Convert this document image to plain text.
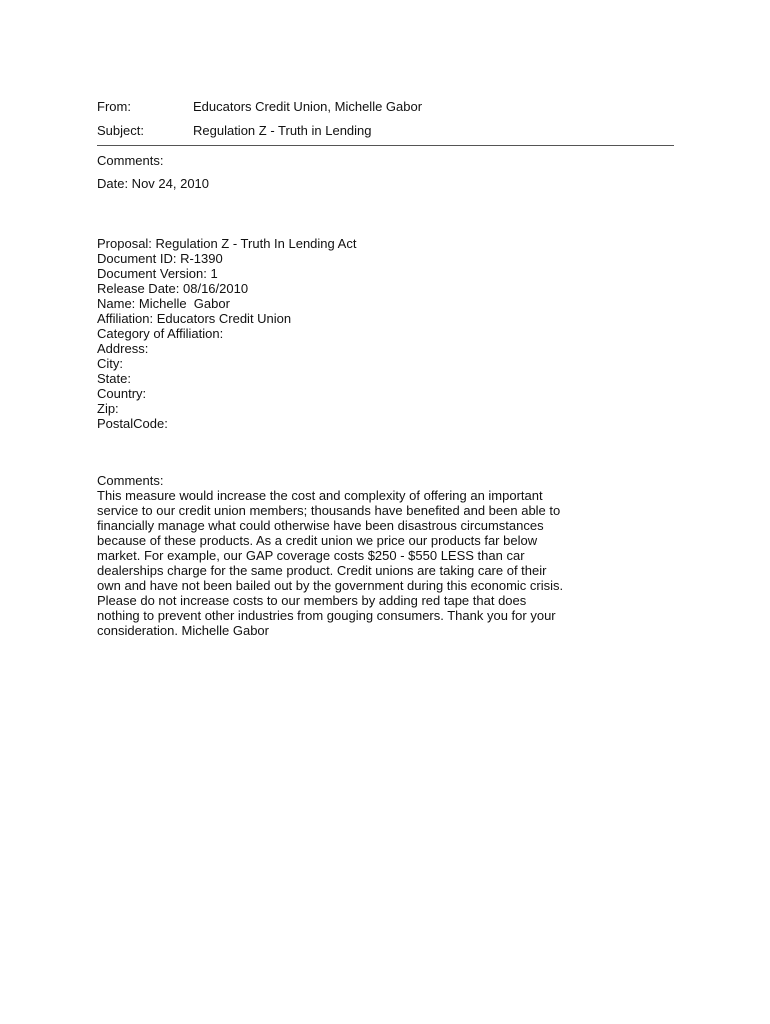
From:	Educators Credit Union, Michelle Gabor
Subject:	Regulation Z - Truth in Lending
Comments:
Date: Nov 24, 2010
Proposal: Regulation Z - Truth In Lending Act
Document ID: R-1390
Document Version: 1
Release Date: 08/16/2010
Name: Michelle  Gabor
Affiliation: Educators Credit Union
Category of Affiliation:
Address:
City:
State:
Country:
Zip:
PostalCode:
Comments:
This measure would increase the cost and complexity of offering an important
service to our credit union members; thousands have benefited and been able to
financially manage what could otherwise have been disastrous circumstances
because of these products. As a credit union we price our products far below
market. For example, our GAP coverage costs $250 - $550 LESS than car
dealerships charge for the same product. Credit unions are taking care of their
own and have not been bailed out by the government during this economic crisis.
Please do not increase costs to our members by adding red tape that does
nothing to prevent other industries from gouging consumers. Thank you for your
consideration. Michelle Gabor
